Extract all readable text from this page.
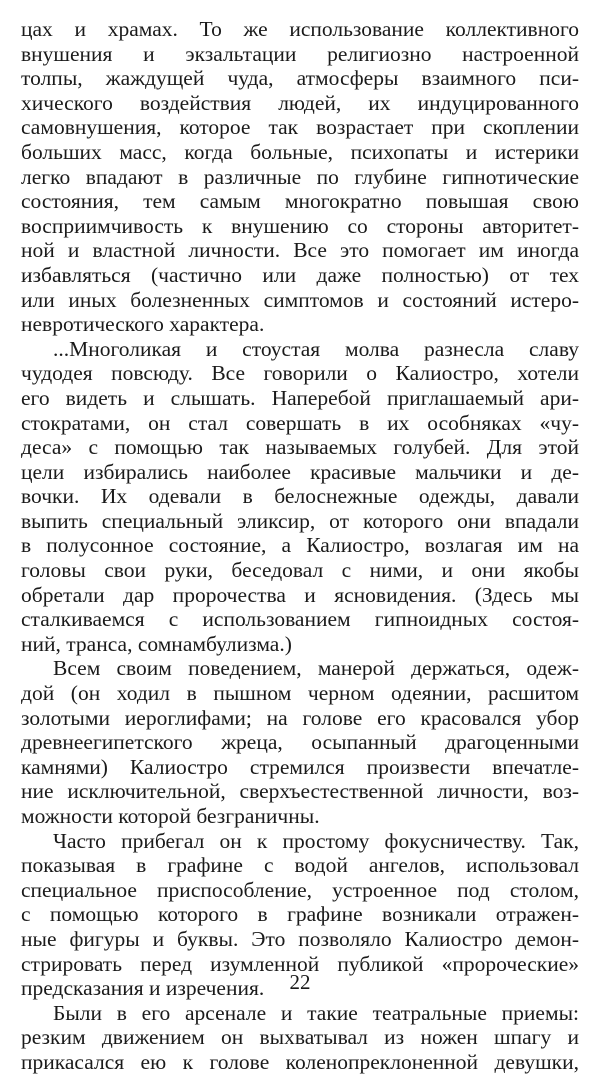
цах и храмах. То же использование коллективного
внушения и экзальтации религиозно настроенной
толпы, жаждущей чуда, атмосферы взаимного пси-
хического воздействия людей, их индуцированного
самовнушения, которое так возрастает при скоплении
больших масс, когда больные, психопаты и истерики
легко впадают в различные по глубине гипнотические
состояния, тем самым многократно повышая свою
восприимчивость к внушению со стороны авторитет-
ной и властной личности. Все это помогает им иногда
избавляться (частично или даже полностью) от тех
или иных болезненных симптомов и состояний истеро-
невротического характера.
...Многоликая и стоустая молва разнесла славу
чудодея повсюду. Все говорили о Калиостро, хотели
его видеть и слышать. Наперебой приглашаемый ари-
стократами, он стал совершать в их особняках «чу-
деса» с помощью так называемых голубей. Для этой
цели избирались наиболее красивые мальчики и де-
вочки. Их одевали в белоснежные одежды, давали
выпить специальный эликсир, от которого они впадали
в полусонное состояние, а Калиостро, возлагая им на
головы свои руки, беседовал с ними, и они якобы
обретали дар пророчества и ясновидения. (Здесь мы
сталкиваемся с использованием гипноидных состоя-
ний, транса, сомнамбулизма.)
Всем своим поведением, манерой держаться, одеж-
дой (он ходил в пышном черном одеянии, расшитом
золотыми иероглифами; на голове его красовался убор
древнеегипетского жреца, осыпанный драгоценными
камнями) Калиостро стремился произвести впечатле-
ние исключительной, сверхъестественной личности, воз-
можности которой безграничны.
Часто прибегал он к простому фокусничеству. Так,
показывая в графине с водой ангелов, использовал
специальное приспособление, устроенное под столом,
с помощью которого в графине возникали отражен-
ные фигуры и буквы. Это позволяло Калиостро демон-
стрировать перед изумленной публикой «пророческие»
предсказания и изречения.
Были в его арсенале и такие театральные приемы:
резким движением он выхватывал из ножен шпагу и
прикасался ею к голове коленопреклоненной девушки,
22
